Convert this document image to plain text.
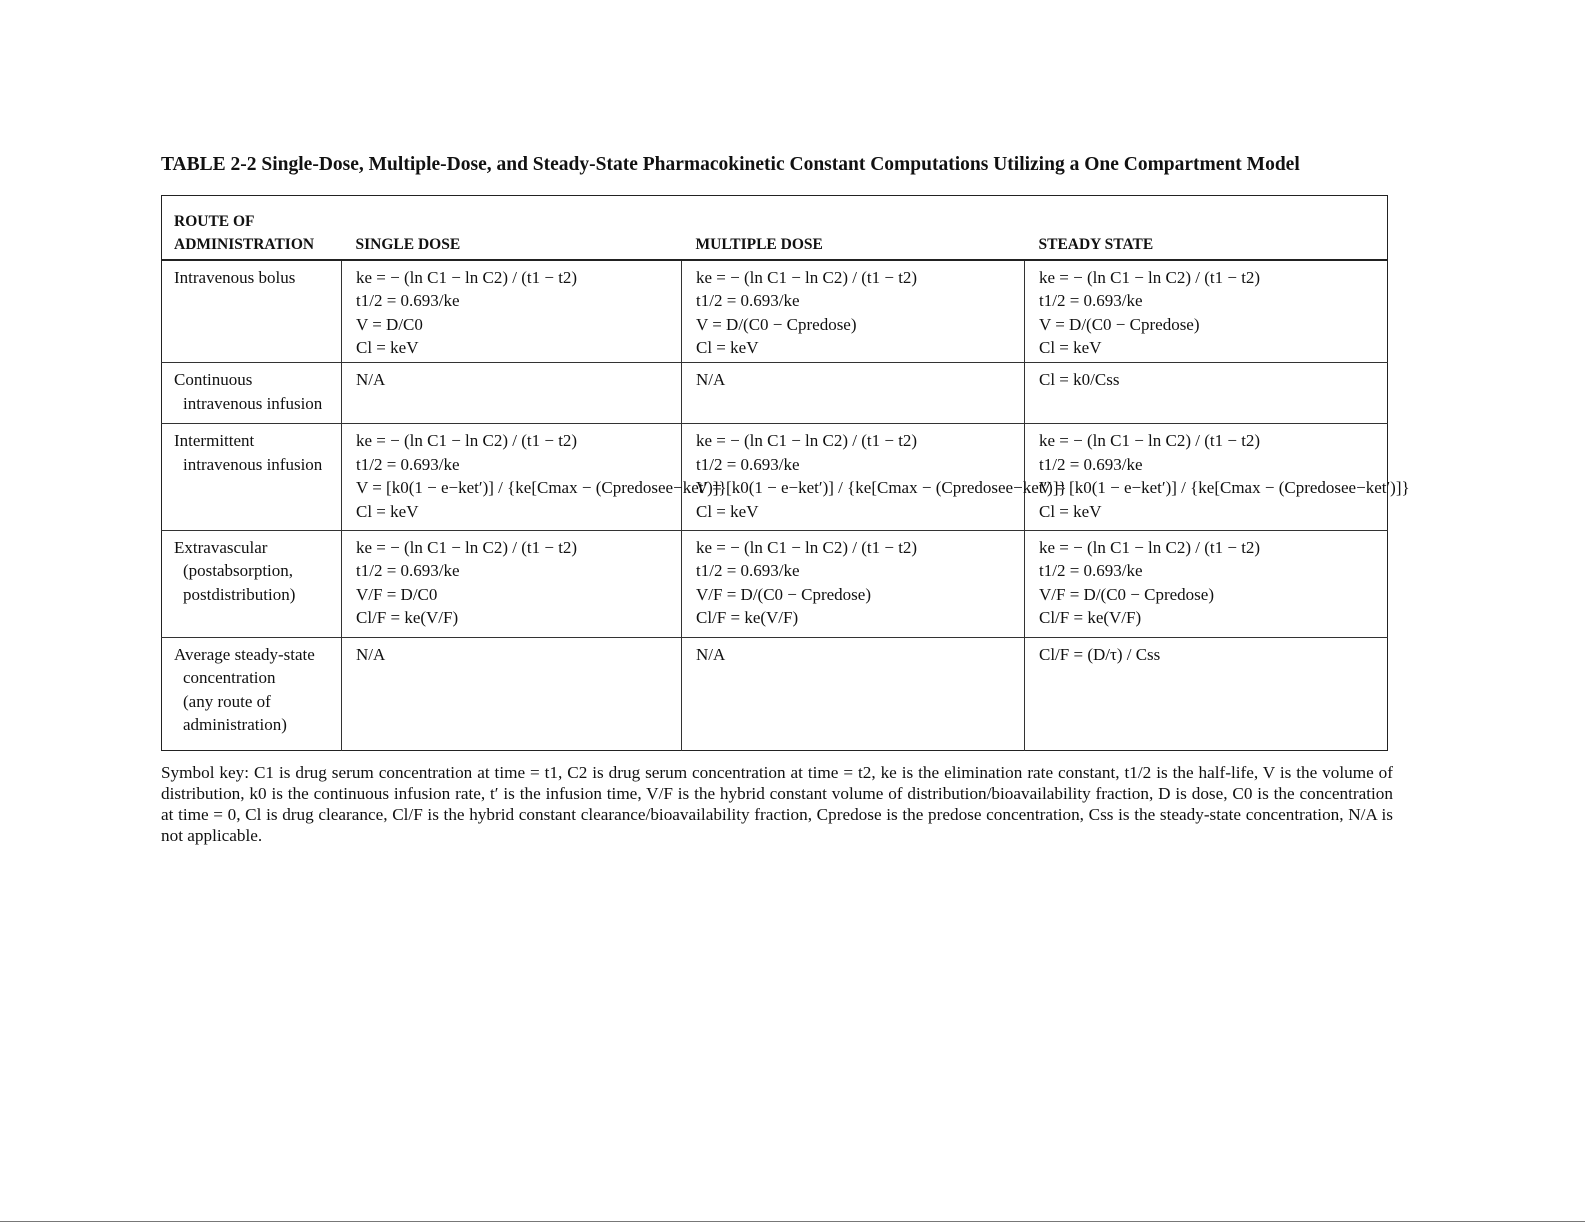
TABLE 2-2 Single-Dose, Multiple-Dose, and Steady-State Pharmacokinetic Constant Computations Utilizing a One Compartment Model
ROUTE OF
ADMINISTRATION	SINGLE DOSE	MULTIPLE DOSE	STEADY STATE

Intravenous bolus	ke = − (ln C1 − ln C2) / (t1 − t2)
t1/2 = 0.693/ke
V = D/C0
Cl = keV	ke = − (ln C1 − ln C2) / (t1 − t2)
t1/2 = 0.693/ke
V = D/(C0 − Cpredose)
Cl = keV	ke = − (ln C1 − ln C2) / (t1 − t2)
t1/2 = 0.693/ke
V = D/(C0 − Cpredose)
Cl = keV

Continuous
intravenous infusion	N/A	N/A	Cl = k0/Css

Intermittent
intravenous infusion	ke = − (ln C1 − ln C2) / (t1 − t2)
t1/2 = 0.693/ke
V = [k0(1 − e−ket′)] / {ke[Cmax − (Cpredosee−ket′)]}
Cl = keV	ke = − (ln C1 − ln C2) / (t1 − t2)
t1/2 = 0.693/ke
V = [k0(1 − e−ket′)] / {ke[Cmax − (Cpredosee−ket′)]}
Cl = keV	ke = − (ln C1 − ln C2) / (t1 − t2)
t1/2 = 0.693/ke
V = [k0(1 − e−ket′)] / {ke[Cmax − (Cpredosee−ket′)]}
Cl = keV

Extravascular
(postabsorption,
postdistribution)	ke = − (ln C1 − ln C2) / (t1 − t2)
t1/2 = 0.693/ke
V/F = D/C0
Cl/F = ke(V/F)	ke = − (ln C1 − ln C2) / (t1 − t2)
t1/2 = 0.693/ke
V/F = D/(C0 − Cpredose)
Cl/F = ke(V/F)	ke = − (ln C1 − ln C2) / (t1 − t2)
t1/2 = 0.693/ke
V/F = D/(C0 − Cpredose)
Cl/F = ke(V/F)

Average steady-state
concentration
(any route of
administration)	N/A	N/A	Cl/F = (D/τ) / Css
Symbol key: C1 is drug serum concentration at time = t1, C2 is drug serum concentration at time = t2, ke is the elimination rate constant, t1/2 is the half-life, V is the volume of distribution, k0 is the continuous infusion rate, t′ is the infusion time, V/F is the hybrid constant volume of distribution/bioavailability fraction, D is dose, C0 is the concentration at time = 0, Cl is drug clearance, Cl/F is the hybrid constant clearance/bioavailability fraction, Cpredose is the predose concentration, Css is the steady-state concentration, N/A is not applicable.
